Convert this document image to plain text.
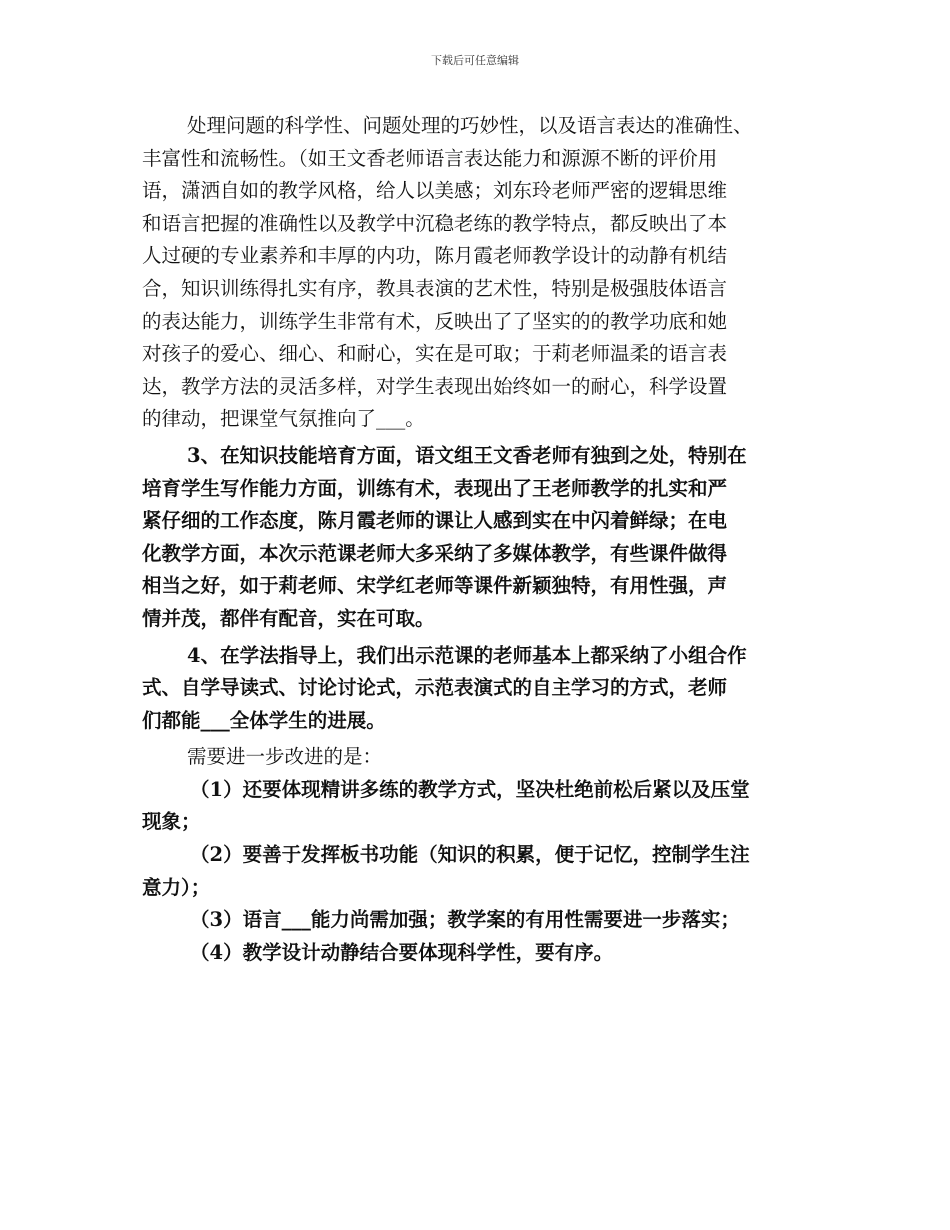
下载后可任意编辑
处理问题的科学性、问题处理的巧妙性，以及语言表达的准确性、
丰富性和流畅性。（如王文香老师语言表达能力和源源不断的评价用
语，潇洒自如的教学风格，给人以美感；刘东玲老师严密的逻辑思维
和语言把握的准确性以及教学中沉稳老练的教学特点，都反映出了本
人过硬的专业素养和丰厚的内功，陈月霞老师教学设计的动静有机结
合，知识训练得扎实有序，教具表演的艺术性，特别是极强肢体语言
的表达能力，训练学生非常有术，反映出了了坚实的的教学功底和她
对孩子的爱心、细心、和耐心，实在是可取；于莉老师温柔的语言表
达，教学方法的灵活多样，对学生表现出始终如一的耐心，科学设置
的律动，把课堂气氛推向了___。
3、在知识技能培育方面，语文组王文香老师有独到之处，特别在
培育学生写作能力方面，训练有术，表现出了王老师教学的扎实和严
紧仔细的工作态度，陈月霞老师的课让人感到实在中闪着鲜绿；在电
化教学方面，本次示范课老师大多采纳了多媒体教学，有些课件做得
相当之好，如于莉老师、宋学红老师等课件新颖独特，有用性强，声
情并茂，都伴有配音，实在可取。
4、在学法指导上，我们出示范课的老师基本上都采纳了小组合作
式、自学导读式、讨论讨论式，示范表演式的自主学习的方式，老师
们都能___全体学生的进展。
需要进一步改进的是：
（1）还要体现精讲多练的教学方式，坚决杜绝前松后紧以及压堂
现象；
（2）要善于发挥板书功能（知识的积累，便于记忆，控制学生注
意力）；
（3）语言___能力尚需加强；教学案的有用性需要进一步落实；
（4）教学设计动静结合要体现科学性，要有序。
